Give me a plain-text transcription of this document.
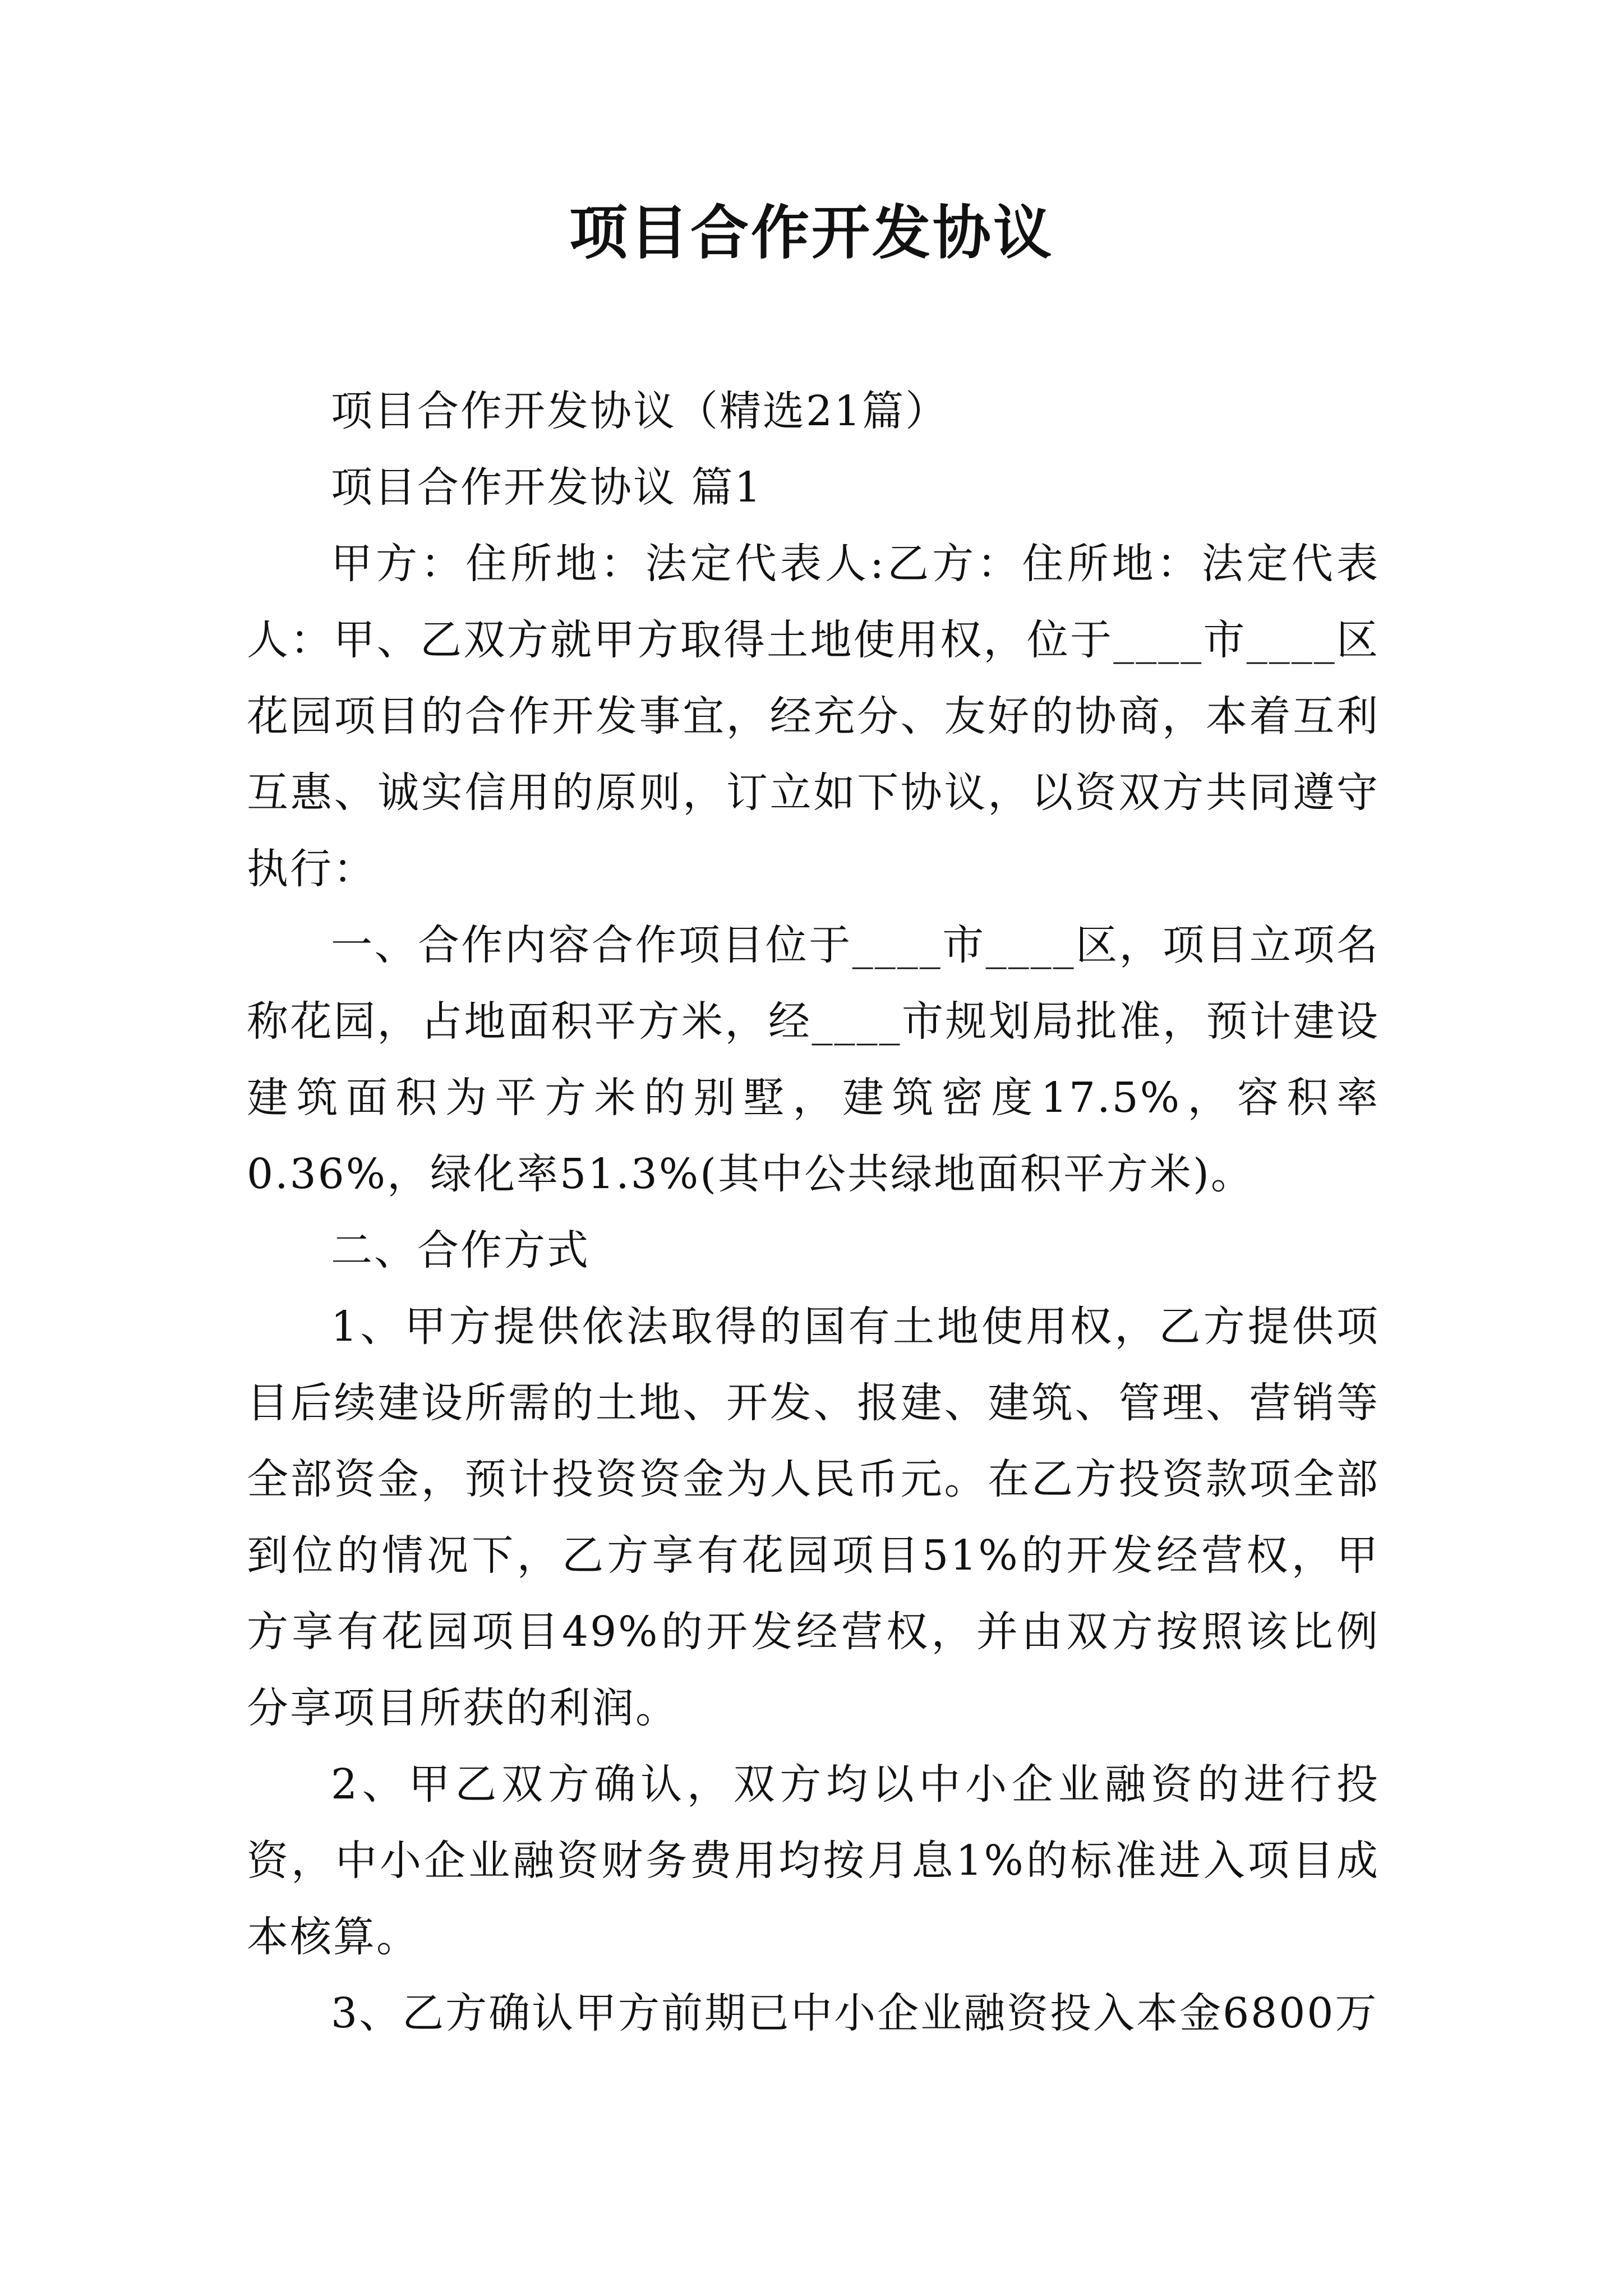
项目合作开发协议

项目合作开发协议（精选21篇）

项目合作开发协议 篇1

甲方：住所地：法定代表人:乙方：住所地：法定代表人：甲、乙双方就甲方取得土地使用权，位于____市____区花园项目的合作开发事宜，经充分、友好的协商，本着互利互惠、诚实信用的原则，订立如下协议，以资双方共同遵守执行：

一、合作内容合作项目位于____市____区，项目立项名称花园，占地面积平方米，经____市规划局批准，预计建设建筑面积为平方米的别墅，建筑密度17.5%，容积率0.36%，绿化率51.3%(其中公共绿地面积平方米)。

二、合作方式

1、甲方提供依法取得的国有土地使用权，乙方提供项目后续建设所需的土地、开发、报建、建筑、管理、营销等全部资金，预计投资资金为人民币元。在乙方投资款项全部到位的情况下，乙方享有花园项目51%的开发经营权，甲方享有花园项目49%的开发经营权，并由双方按照该比例分享项目所获的利润。

2、甲乙双方确认，双方均以中小企业融资的进行投资，中小企业融资财务费用均按月息1%的标准进入项目成本核算。

3、乙方确认甲方前期已中小企业融资投入本金6800万
